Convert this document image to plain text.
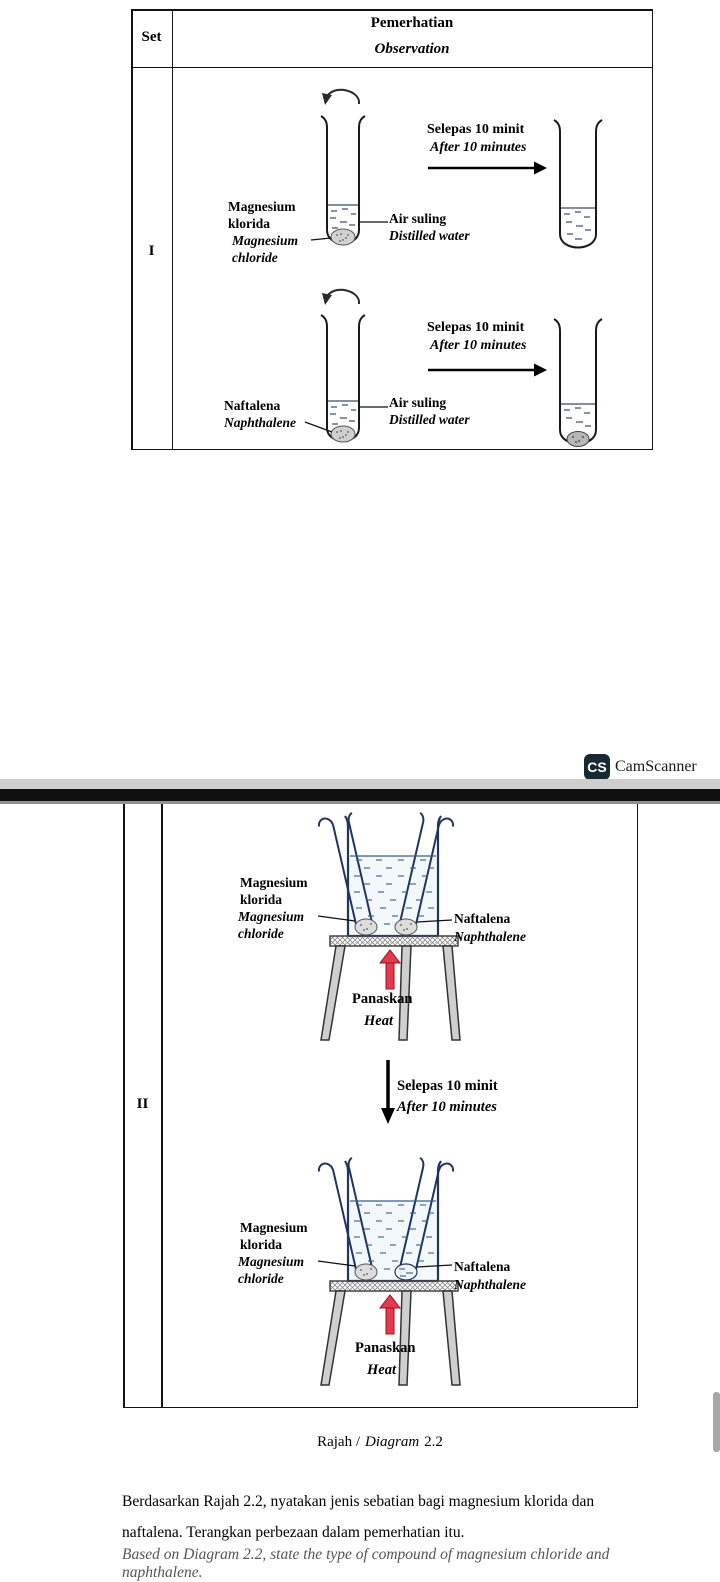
Set
Pemerhatian
Observation
I
Magnesium
klorida
Magnesium
chloride
Air suling
Distilled water
Selepas 10 minit
After 10 minutes
Naftalena
Naphthalene
Air suling
Distilled water
Selepas 10 minit
After 10 minutes
CS CamScanner
II
Magnesium
klorida
Magnesium
chloride
Naftalena
Naphthalene
Panaskan
Heat
Selepas 10 minit
After 10 minutes
Magnesium
klorida
Magnesium
chloride
Naftalena
Naphthalene
Panaskan
Heat
Rajah / Diagram 2.2
Berdasarkan Rajah 2.2, nyatakan jenis sebatian bagi magnesium klorida dan
naftalena. Terangkan perbezaan dalam pemerhatian itu.
Based on Diagram 2.2, state the type of compound of magnesium chloride and naphthalene.
